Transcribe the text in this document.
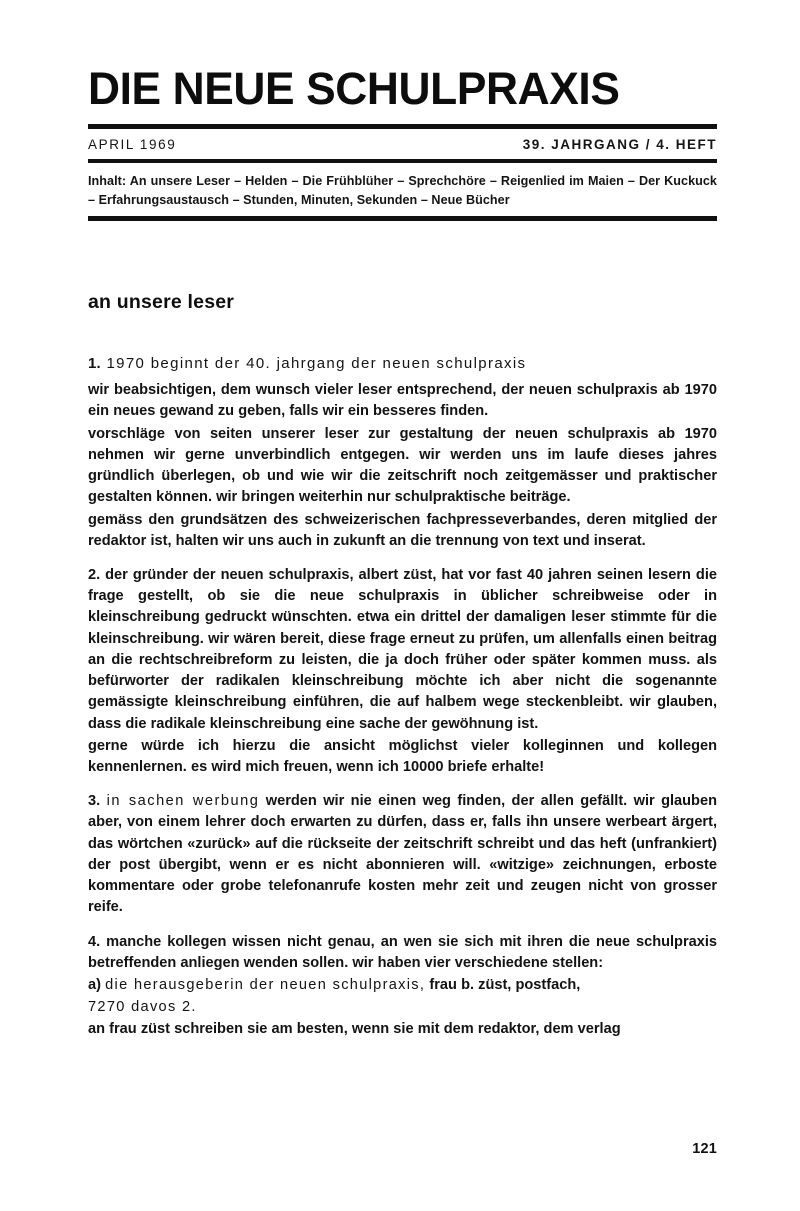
DIE NEUE SCHULPRAXIS
APRIL 1969	39. JAHRGANG / 4. HEFT
Inhalt: An unsere Leser – Helden – Die Frühblüher – Sprechchöre – Reigenlied im Maien – Der Kuckuck – Erfahrungsaustausch – Stunden, Minuten, Sekunden – Neue Bücher
an unsere leser
1. 1970 beginnt der 40. jahrgang der neuen schulpraxis

wir beabsichtigen, dem wunsch vieler leser entsprechend, der neuen schulpraxis ab 1970 ein neues gewand zu geben, falls wir ein besseres finden.

vorschläge von seiten unserer leser zur gestaltung der neuen schulpraxis ab 1970 nehmen wir gerne unverbindlich entgegen. wir werden uns im laufe dieses jahres gründlich überlegen, ob und wie wir die zeitschrift noch zeitgemässer und praktischer gestalten können. wir bringen weiterhin nur schulpraktische beiträge.

gemäss den grundsätzen des schweizerischen fachpresseverbandes, deren mitglied der redaktor ist, halten wir uns auch in zukunft an die trennung von text und inserat.

2. der gründer der neuen schulpraxis, albert züst, hat vor fast 40 jahren seinen lesern die frage gestellt, ob sie die neue schulpraxis in üblicher schreibweise oder in kleinschreibung gedruckt wünschten. etwa ein drittel der damaligen leser stimmte für die kleinschreibung. wir wären bereit, diese frage erneut zu prüfen, um allenfalls einen beitrag an die rechtschreibreform zu leisten, die ja doch früher oder später kommen muss. als befürworter der radikalen kleinschreibung möchte ich aber nicht die sogenannte gemässigte kleinschreibung einführen, die auf halbem wege steckenbleibt. wir glauben, dass die radikale kleinschreibung eine sache der gewöhnung ist.

gerne würde ich hierzu die ansicht möglichst vieler kolleginnen und kollegen kennenlernen. es wird mich freuen, wenn ich 10000 briefe erhalte!

3. in sachen werbung werden wir nie einen weg finden, der allen gefällt. wir glauben aber, von einem lehrer doch erwarten zu dürfen, dass er, falls ihn unsere werbeart ärgert, das wörtchen «zurück» auf die rückseite der zeitschrift schreibt und das heft (unfrankiert) der post übergibt, wenn er es nicht abonnieren will. «witzige» zeichnungen, erboste kommentare oder grobe telefonanrufe kosten mehr zeit und zeugen nicht von grosser reife.

4. manche kollegen wissen nicht genau, an wen sie sich mit ihren die neue schulpraxis betreffenden anliegen wenden sollen. wir haben vier verschiedene stellen:

a) die herausgeberin der neuen schulpraxis, frau b. züst, postfach,

7270 davos 2.

an frau züst schreiben sie am besten, wenn sie mit dem redaktor, dem verlag

121
